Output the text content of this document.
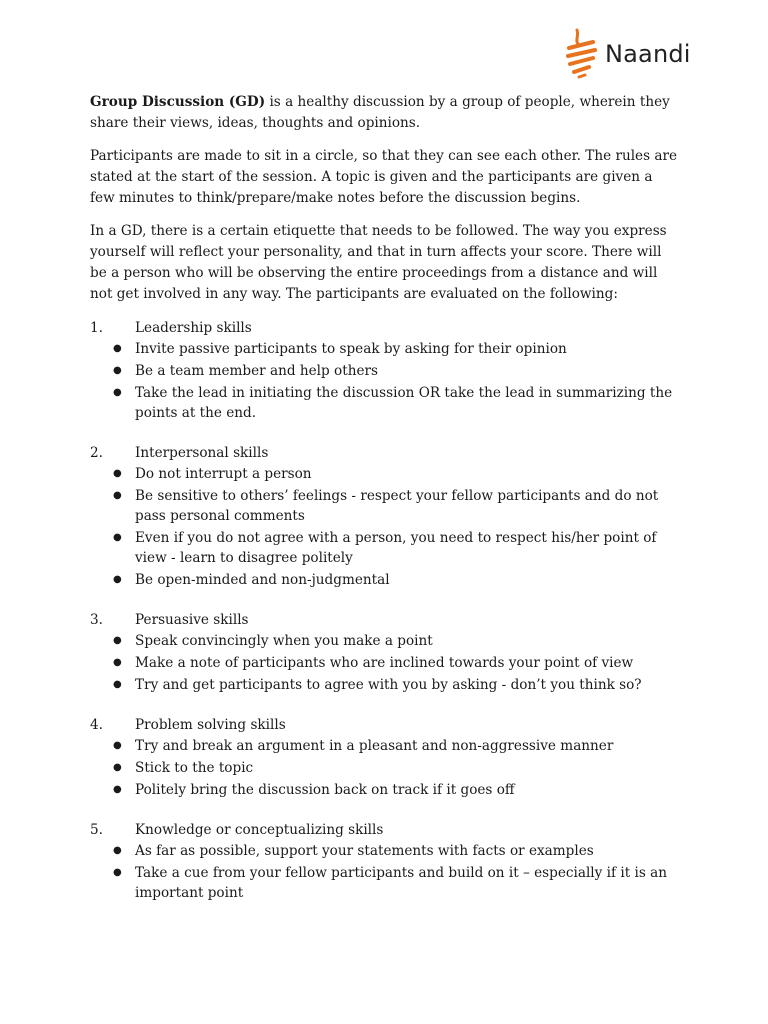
Naandi

Group Discussion (GD) is a healthy discussion by a group of people, wherein they share their views, ideas, thoughts and opinions.

Participants are made to sit in a circle, so that they can see each other. The rules are stated at the start of the session. A topic is given and the participants are given a few minutes to think/prepare/make notes before the discussion begins.

In a GD, there is a certain etiquette that needs to be followed. The way you express yourself will reflect your personality, and that in turn affects your score. There will be a person who will be observing the entire proceedings from a distance and will not get involved in any way. The participants are evaluated on the following:

1.	Leadership skills
● Invite passive participants to speak by asking for their opinion
● Be a team member and help others
● Take the lead in initiating the discussion OR take the lead in summarizing the points at the end.
2.	Interpersonal skills
● Do not interrupt a person
● Be sensitive to others’ feelings - respect your fellow participants and do not pass personal comments
● Even if you do not agree with a person, you need to respect his/her point of view - learn to disagree politely
● Be open-minded and non-judgmental
3.	Persuasive skills
● Speak convincingly when you make a point
● Make a note of participants who are inclined towards your point of view
● Try and get participants to agree with you by asking - don’t you think so?
4.	Problem solving skills
● Try and break an argument in a pleasant and non-aggressive manner
● Stick to the topic
● Politely bring the discussion back on track if it goes off
5.	Knowledge or conceptualizing skills
● As far as possible, support your statements with facts or examples
● Take a cue from your fellow participants and build on it – especially if it is an important point
